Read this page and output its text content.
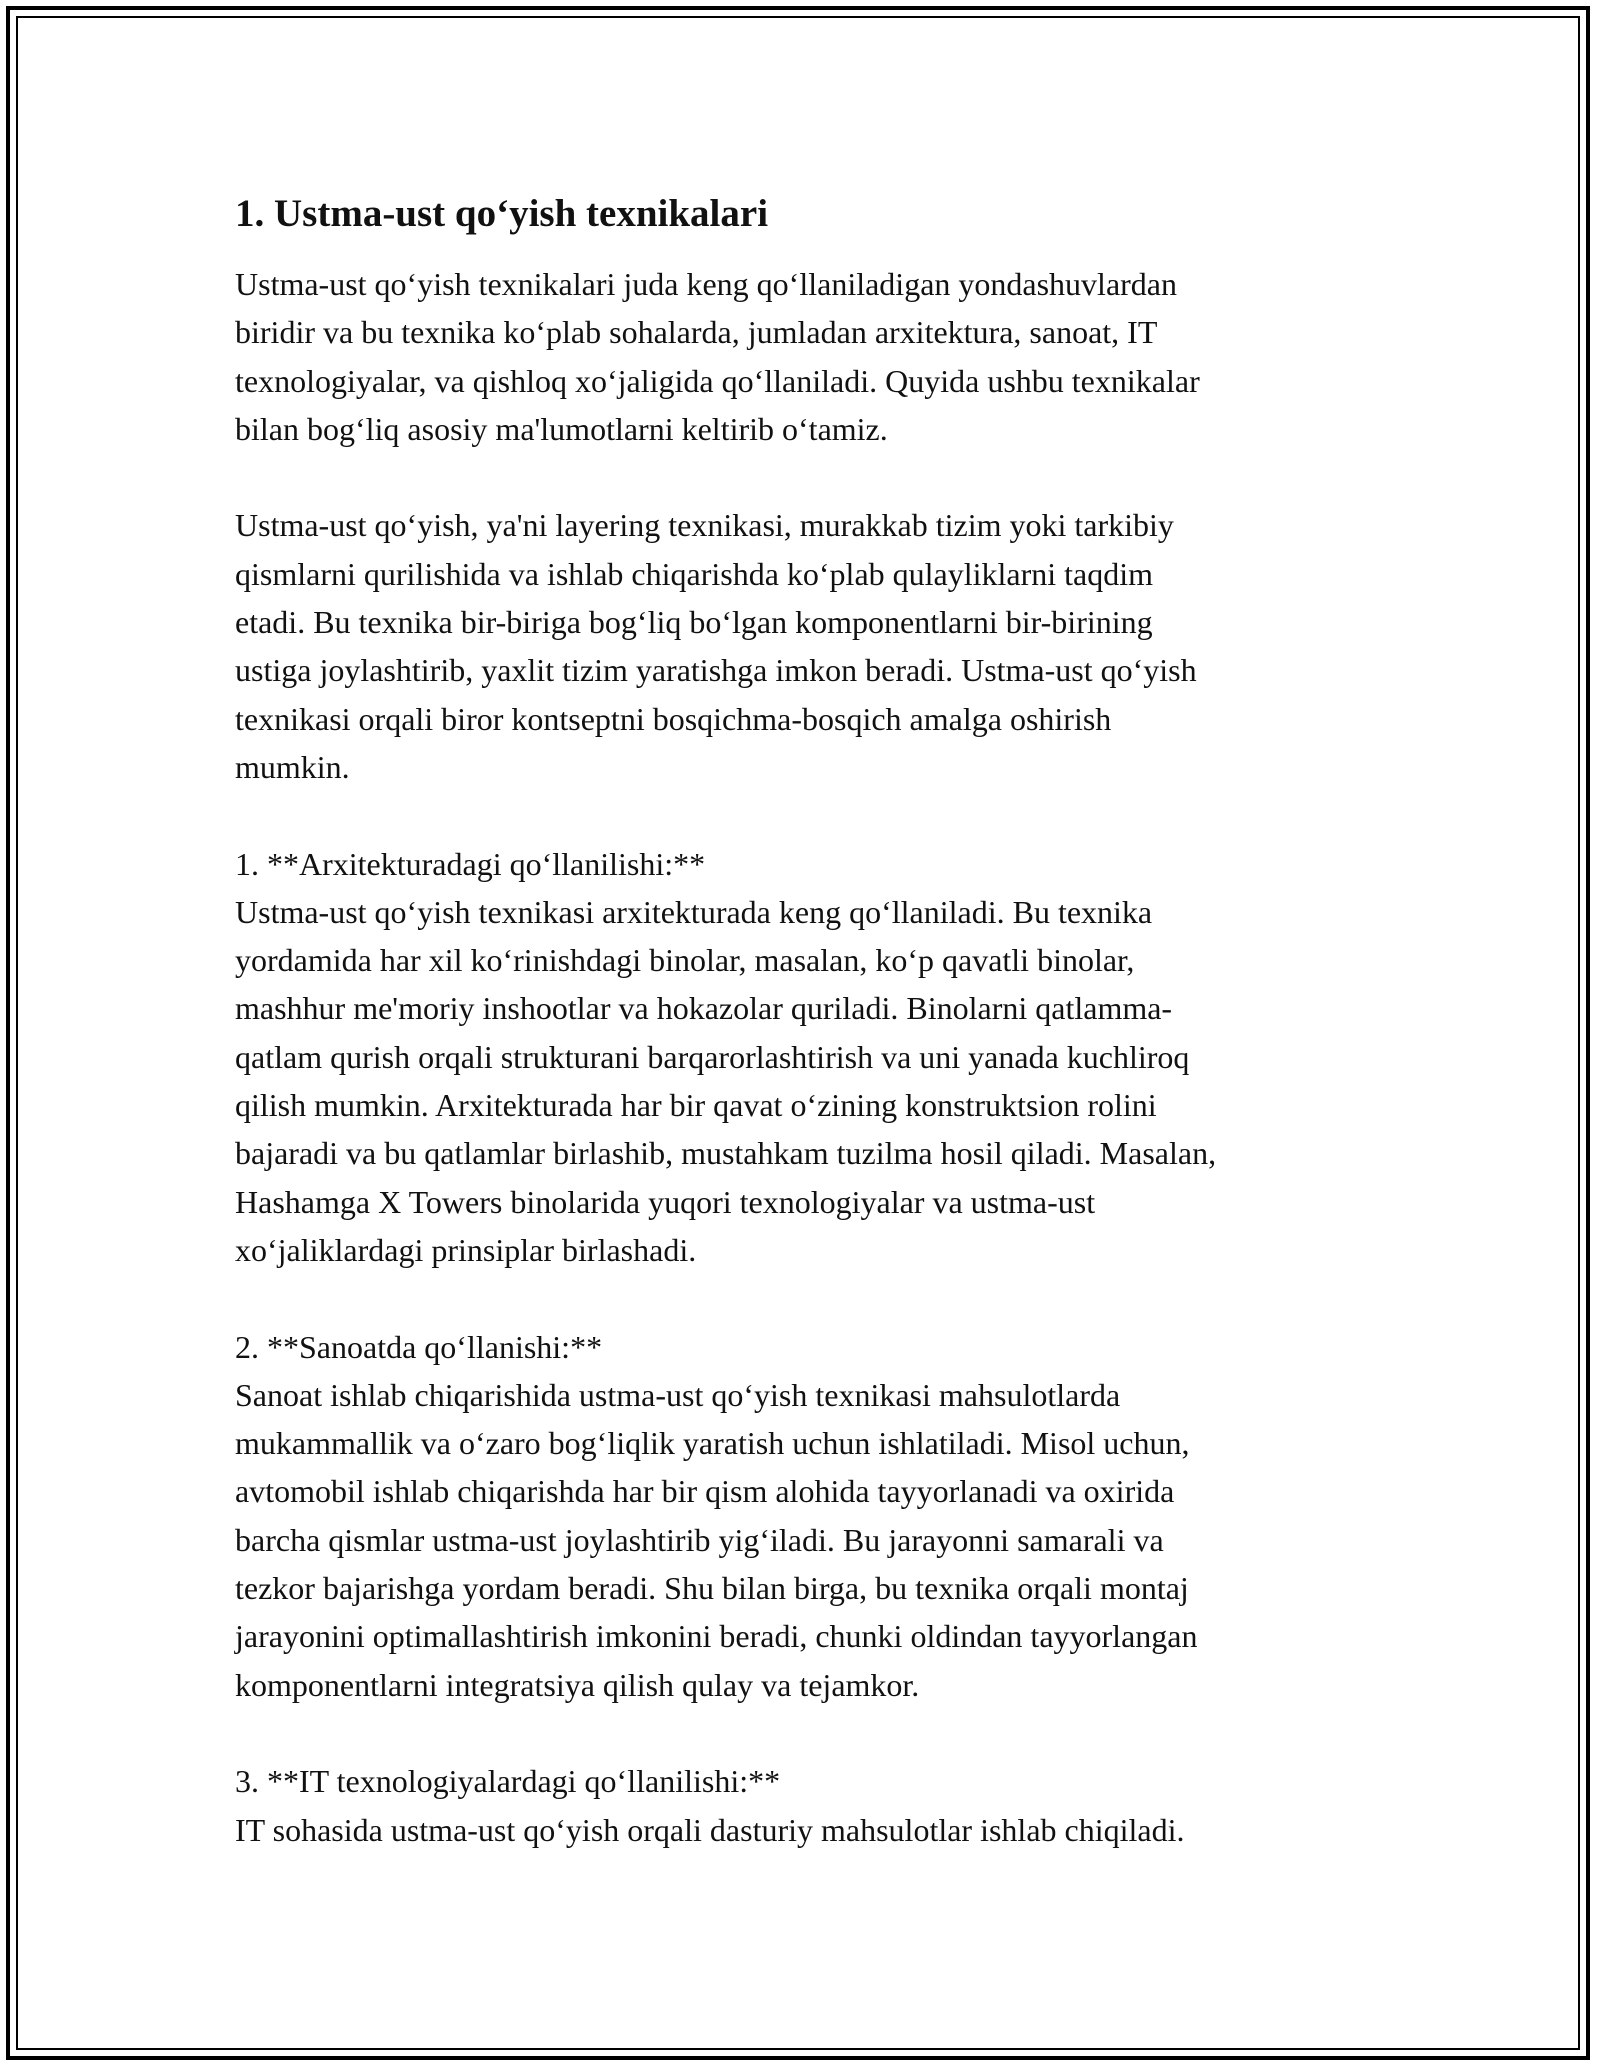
1. Ustma-ust qo‘yish texnikalari

Ustma-ust qo‘yish texnikalari juda keng qo‘llaniladigan yondashuvlardan
biridir va bu texnika ko‘plab sohalarda, jumladan arxitektura, sanoat, IT
texnologiyalar, va qishloq xo‘jaligida qo‘llaniladi. Quyida ushbu texnikalar
bilan bog‘liq asosiy ma'lumotlarni keltirib o‘tamiz.

Ustma-ust qo‘yish, ya'ni layering texnikasi, murakkab tizim yoki tarkibiy
qismlarni qurilishida va ishlab chiqarishda ko‘plab qulayliklarni taqdim
etadi. Bu texnika bir-biriga bog‘liq bo‘lgan komponentlarni bir-birining
ustiga joylashtirib, yaxlit tizim yaratishga imkon beradi. Ustma-ust qo‘yish
texnikasi orqali biror kontseptni bosqichma-bosqich amalga oshirish
mumkin.

1. **Arxitekturadagi qo‘llanilishi:**

Ustma-ust qo‘yish texnikasi arxitekturada keng qo‘llaniladi. Bu texnika
yordamida har xil ko‘rinishdagi binolar, masalan, ko‘p qavatli binolar,
mashhur me'moriy inshootlar va hokazolar quriladi. Binolarni qatlamma-
qatlam qurish orqali strukturani barqarorlashtirish va uni yanada kuchliroq
qilish mumkin. Arxitekturada har bir qavat o‘zining konstruktsion rolini
bajaradi va bu qatlamlar birlashib, mustahkam tuzilma hosil qiladi. Masalan,
Hashamga X Towers binolarida yuqori texnologiyalar va ustma-ust
xo‘jaliklardagi prinsiplar birlashadi.

2. **Sanoatda qo‘llanishi:**

Sanoat ishlab chiqarishida ustma-ust qo‘yish texnikasi mahsulotlarda
mukammallik va o‘zaro bog‘liqlik yaratish uchun ishlatiladi. Misol uchun,
avtomobil ishlab chiqarishda har bir qism alohida tayyorlanadi va oxirida
barcha qismlar ustma-ust joylashtirib yig‘iladi. Bu jarayonni samarali va
tezkor bajarishga yordam beradi. Shu bilan birga, bu texnika orqali montaj
jarayonini optimallashtirish imkonini beradi, chunki oldindan tayyorlangan
komponentlarni integratsiya qilish qulay va tejamkor.

3. **IT texnologiyalardagi qo‘llanilishi:**

IT sohasida ustma-ust qo‘yish orqali dasturiy mahsulotlar ishlab chiqiladi.
